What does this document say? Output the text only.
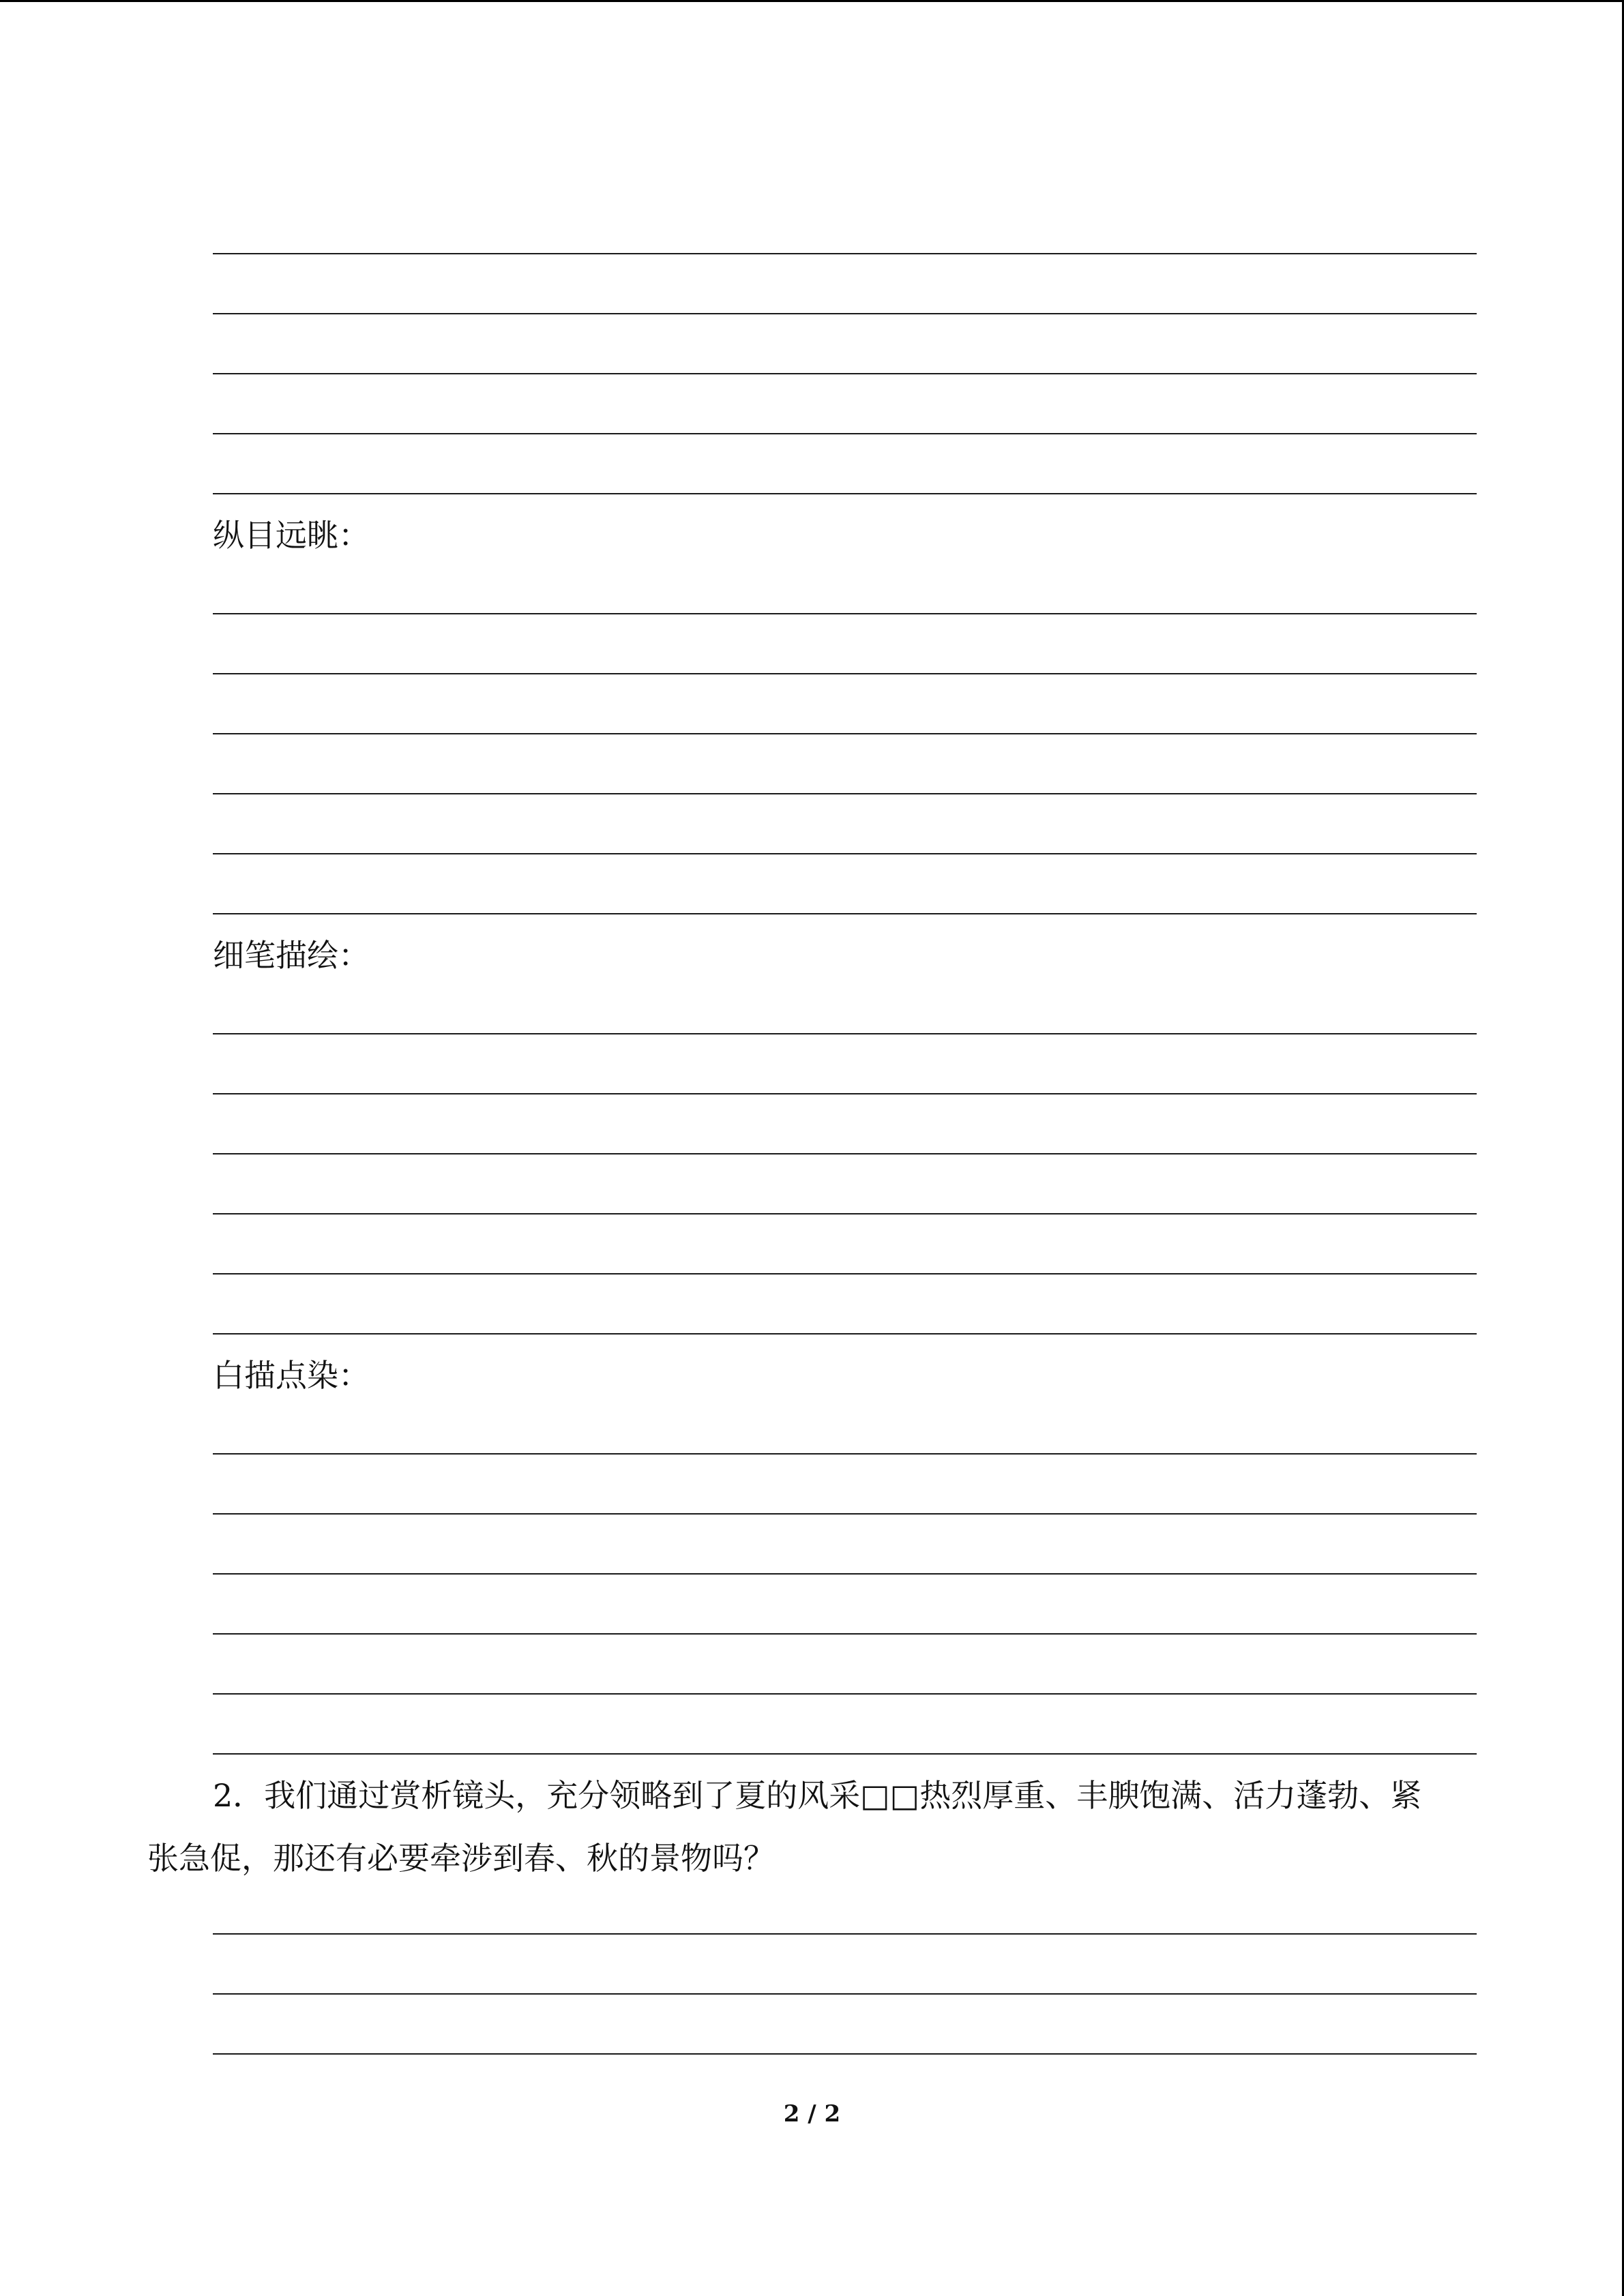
纵目远眺：
细笔描绘：
白描点染：
2．我们通过赏析镜头，充分领略到了夏的风采□□热烈厚重、丰腴饱满、活力蓬勃、紧
张急促，那还有必要牵涉到春、秋的景物吗？
2 / 2
